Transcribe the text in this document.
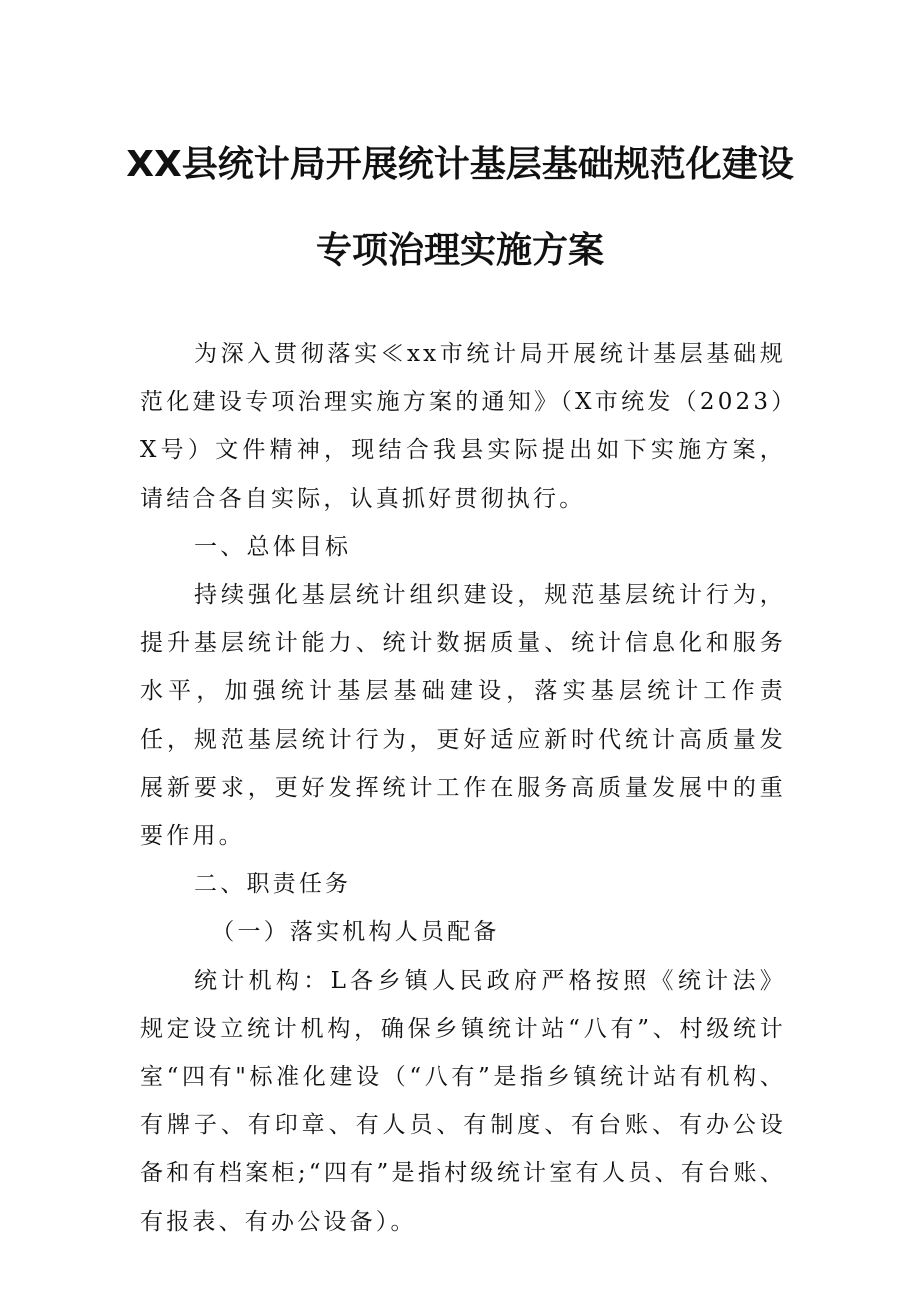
XX县统计局开展统计基层基础规范化建设
专项治理实施方案

为深入贯彻落实≪xx市统计局开展统计基层基础规范化建设专项治理实施方案的通知》（X市统发（2023）X号）文件精神，现结合我县实际提出如下实施方案，请结合各自实际，认真抓好贯彻执行。

一、总体目标

持续强化基层统计组织建设，规范基层统计行为，提升基层统计能力、统计数据质量、统计信息化和服务水平，加强统计基层基础建设，落实基层统计工作责任，规范基层统计行为，更好适应新时代统计高质量发展新要求，更好发挥统计工作在服务高质量发展中的重要作用。

二、职责任务

（一）落实机构人员配备

统计机构：L各乡镇人民政府严格按照《统计法》规定设立统计机构，确保乡镇统计站“八有”、村级统计室“四有"标准化建设（“八有”是指乡镇统计站有机构、有牌子、有印章、有人员、有制度、有台账、有办公设备和有档案柜;“四有”是指村级统计室有人员、有台账、有报表、有办公设备）。
